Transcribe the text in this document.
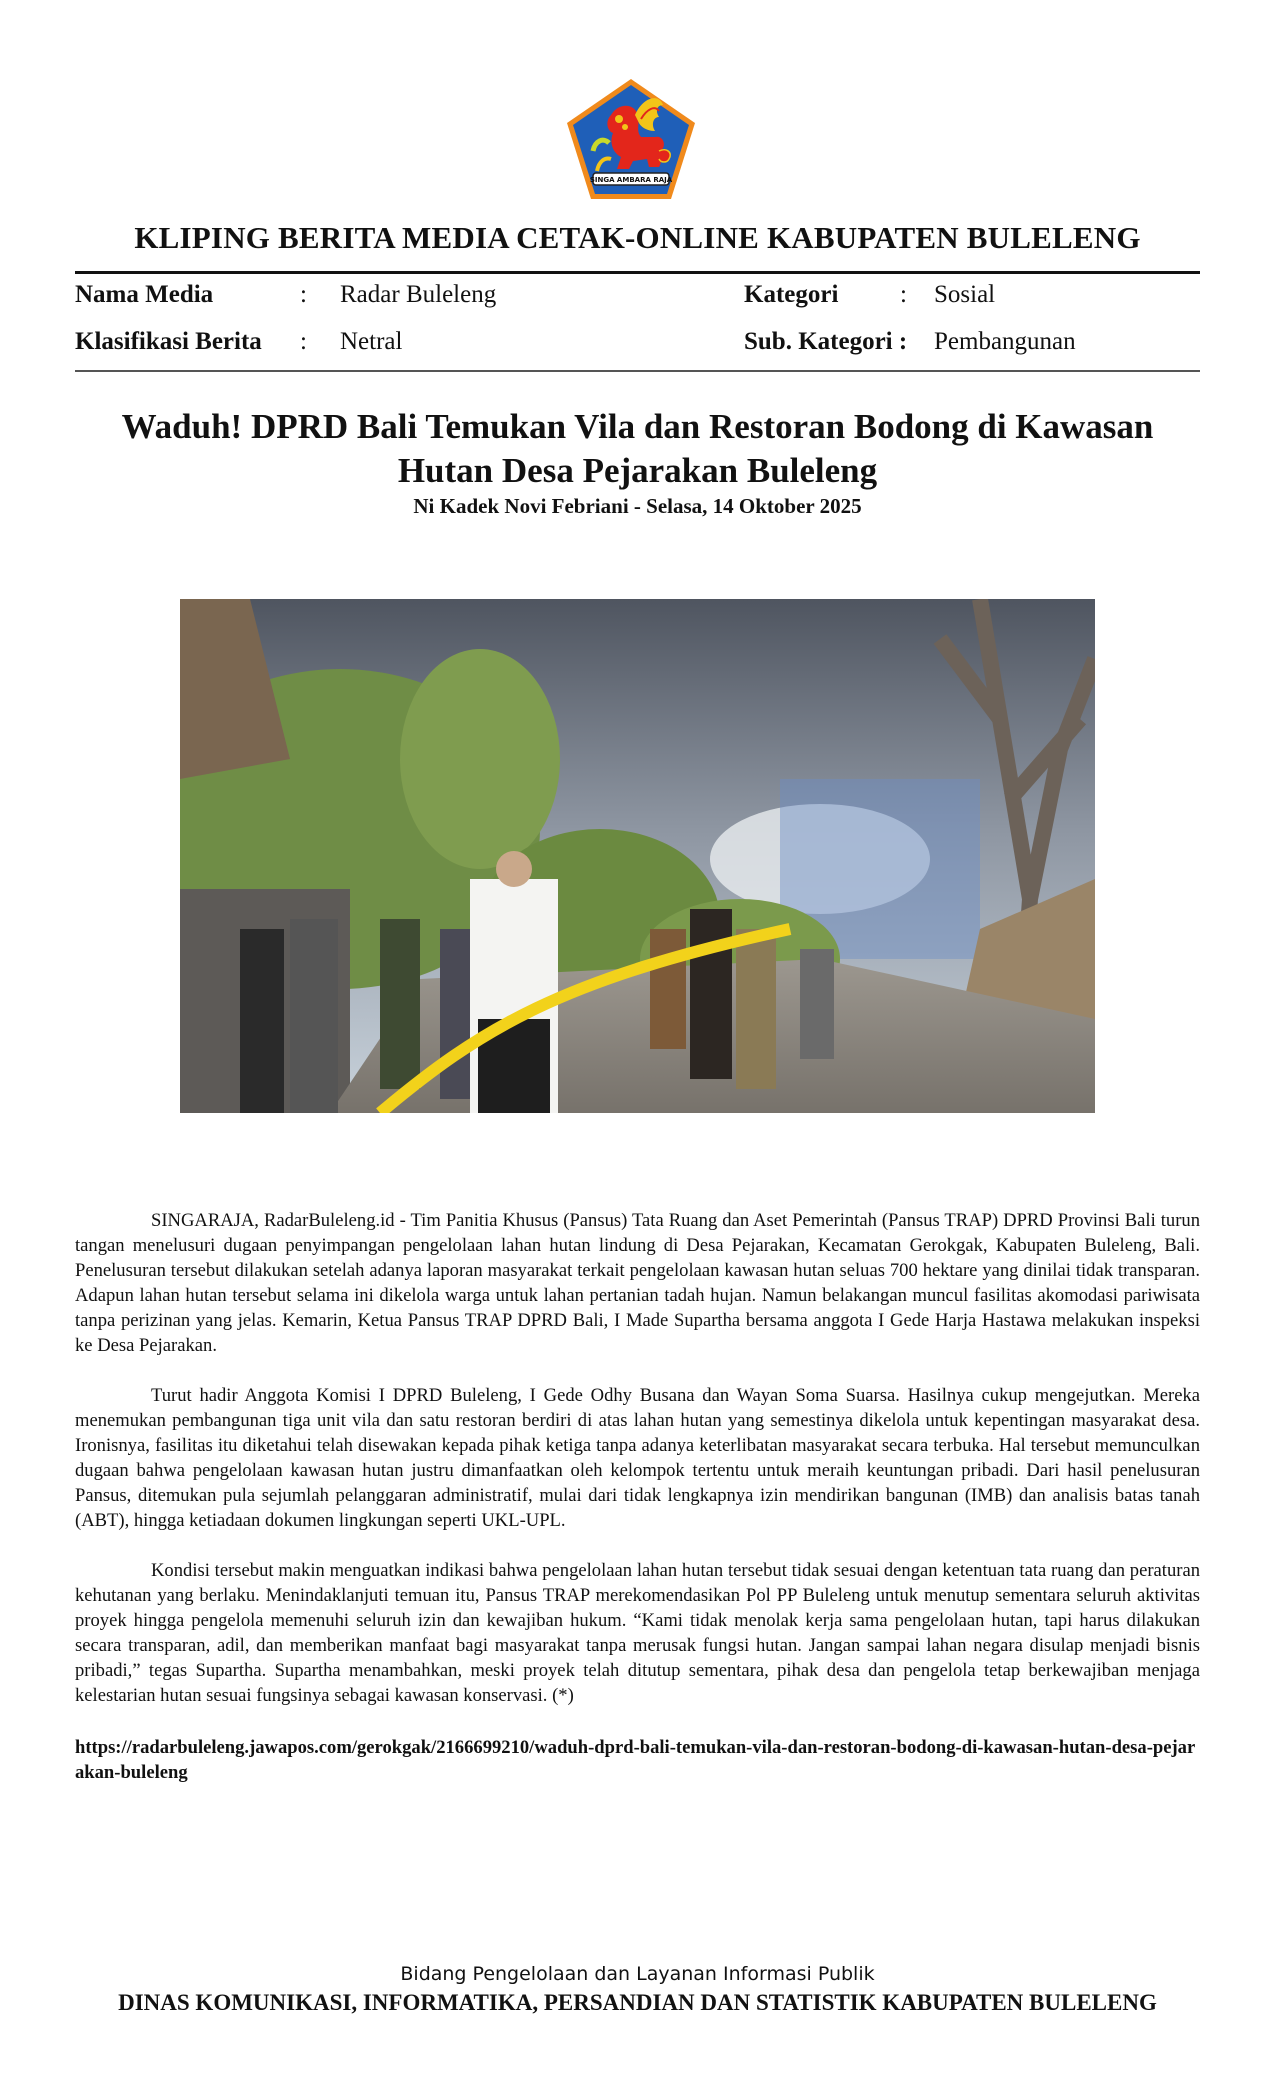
SINGA AMBARA RAJA
KLIPING BERITA MEDIA CETAK-ONLINE KABUPATEN BULELENG
Nama Media	: Radar Buleleng
Klasifikasi Berita : Netral
Kategori : Sosial
Sub. Kategori : Pembangunan
Waduh! DPRD Bali Temukan Vila dan Restoran Bodong di Kawasan
Hutan Desa Pejarakan Buleleng
Ni Kadek Novi Febriani - Selasa, 14 Oktober 2025

SINGARAJA, RadarBuleleng.id - Tim Panitia Khusus (Pansus) Tata Ruang dan Aset Pemerintah (Pansus TRAP) DPRD Provinsi Bali turun tangan menelusuri dugaan penyimpangan pengelolaan lahan hutan lindung di Desa Pejarakan, Kecamatan Gerokgak, Kabupaten Buleleng, Bali. Penelusuran tersebut dilakukan setelah adanya laporan masyarakat terkait pengelolaan kawasan hutan seluas 700 hektare yang dinilai tidak transparan. Adapun lahan hutan tersebut selama ini dikelola warga untuk lahan pertanian tadah hujan. Namun belakangan muncul fasilitas akomodasi pariwisata tanpa perizinan yang jelas. Kemarin, Ketua Pansus TRAP DPRD Bali, I Made Supartha bersama anggota I Gede Harja Hastawa melakukan inspeksi ke Desa Pejarakan.

Turut hadir Anggota Komisi I DPRD Buleleng, I Gede Odhy Busana dan Wayan Soma Suarsa. Hasilnya cukup mengejutkan. Mereka menemukan pembangunan tiga unit vila dan satu restoran berdiri di atas lahan hutan yang semestinya dikelola untuk kepentingan masyarakat desa. Ironisnya, fasilitas itu diketahui telah disewakan kepada pihak ketiga tanpa adanya keterlibatan masyarakat secara terbuka. Hal tersebut memunculkan dugaan bahwa pengelolaan kawasan hutan justru dimanfaatkan oleh kelompok tertentu untuk meraih keuntungan pribadi. Dari hasil penelusuran Pansus, ditemukan pula sejumlah pelanggaran administratif, mulai dari tidak lengkapnya izin mendirikan bangunan (IMB) dan analisis batas tanah (ABT), hingga ketiadaan dokumen lingkungan seperti UKL-UPL.

Kondisi tersebut makin menguatkan indikasi bahwa pengelolaan lahan hutan tersebut tidak sesuai dengan ketentuan tata ruang dan peraturan kehutanan yang berlaku. Menindaklanjuti temuan itu, Pansus TRAP merekomendasikan Pol PP Buleleng untuk menutup sementara seluruh aktivitas proyek hingga pengelola memenuhi seluruh izin dan kewajiban hukum. “Kami tidak menolak kerja sama pengelolaan hutan, tapi harus dilakukan secara transparan, adil, dan memberikan manfaat bagi masyarakat tanpa merusak fungsi hutan. Jangan sampai lahan negara disulap menjadi bisnis pribadi,” tegas Supartha. Supartha menambahkan, meski proyek telah ditutup sementara, pihak desa dan pengelola tetap berkewajiban menjaga kelestarian hutan sesuai fungsinya sebagai kawasan konservasi. (*)

https://radarbuleleng.jawapos.com/gerokgak/2166699210/waduh-dprd-bali-temukan-vila-dan-restoran-bodong-di-kawasan-hutan-desa-pejarakan-buleleng
Bidang Pengelolaan dan Layanan Informasi Publik
DINAS KOMUNIKASI, INFORMATIKA, PERSANDIAN DAN STATISTIK KABUPATEN BULELENG
